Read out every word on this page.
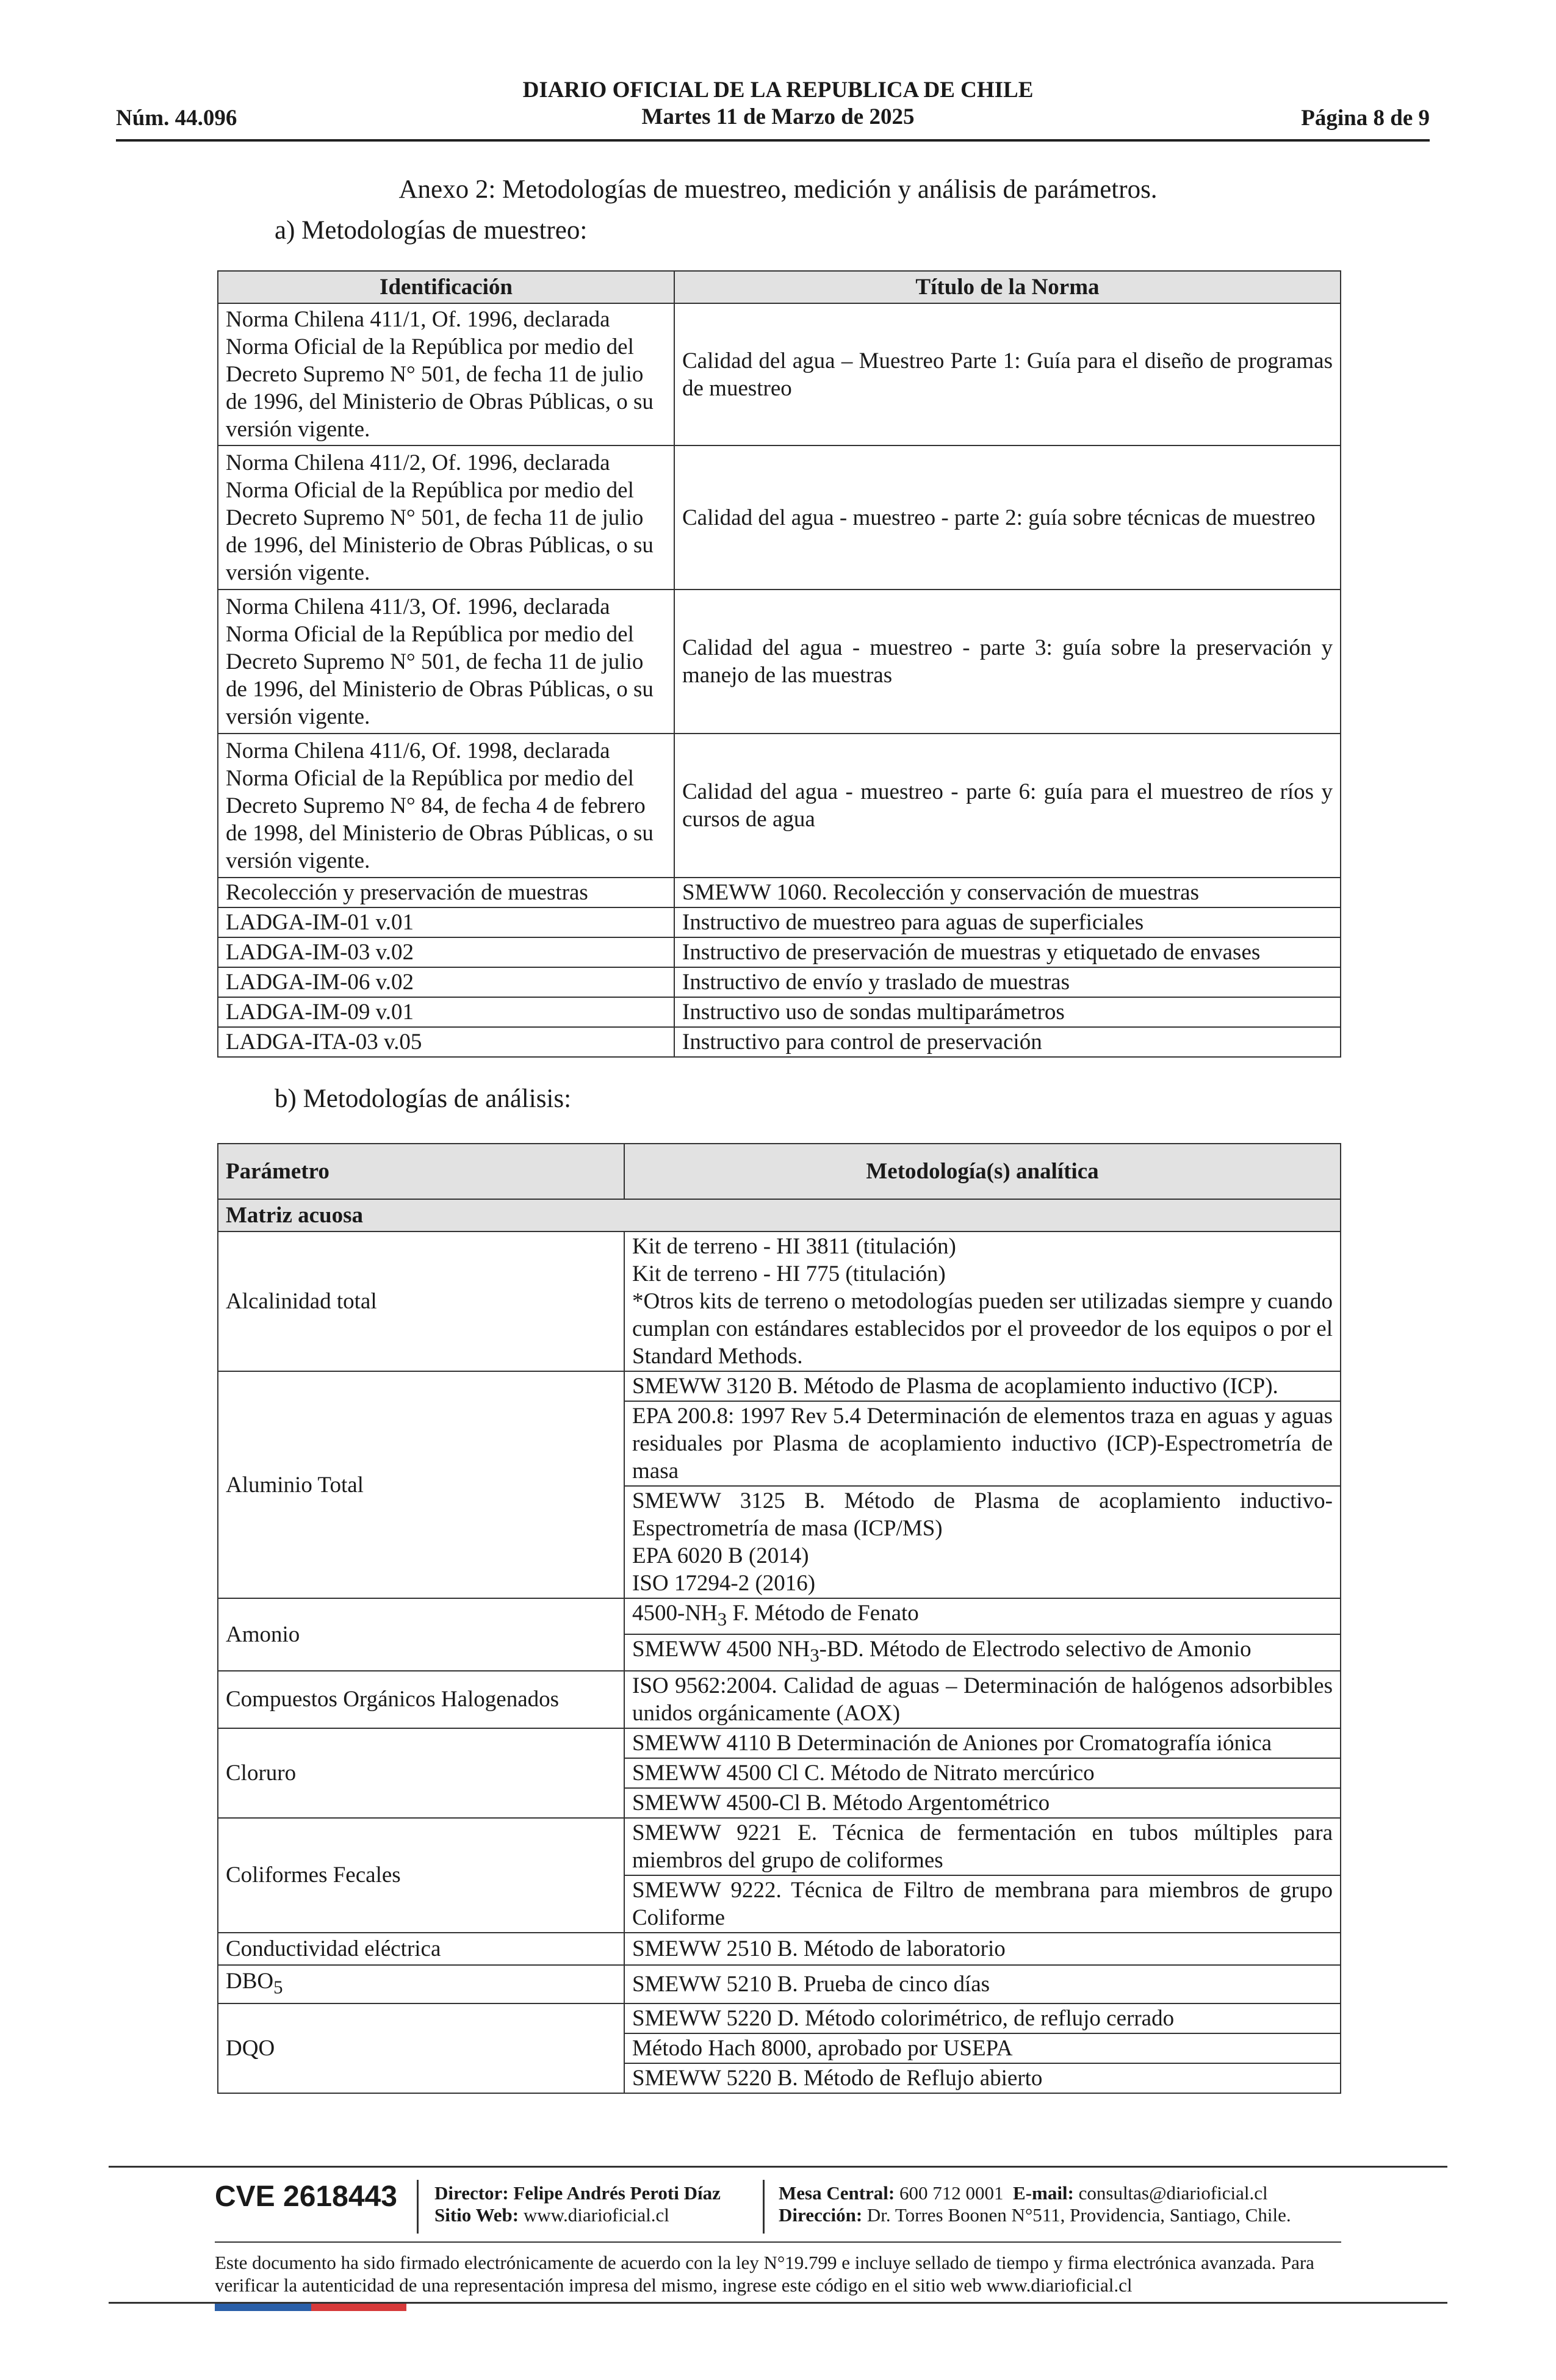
Núm. 44.096
DIARIO OFICIAL DE LA REPUBLICA DE CHILE
Martes 11 de Marzo de 2025	Página 8 de 9
Anexo 2: Metodologías de muestreo, medición y análisis de parámetros.
a) Metodologías de muestreo:
Identificación	Título de la Norma
Norma Chilena 411/1, Of. 1996, declarada Norma Oficial de la República por medio del Decreto Supremo N° 501, de fecha 11 de julio de 1996, del Ministerio de Obras Públicas, o su versión vigente.	Calidad del agua – Muestreo Parte 1: Guía para el diseño de programas de muestreo
Norma Chilena 411/2, Of. 1996, declarada Norma Oficial de la República por medio del Decreto Supremo N° 501, de fecha 11 de julio de 1996, del Ministerio de Obras Públicas, o su versión vigente.	Calidad del agua - muestreo - parte 2: guía sobre técnicas de muestreo
Norma Chilena 411/3, Of. 1996, declarada Norma Oficial de la República por medio del Decreto Supremo N° 501, de fecha 11 de julio de 1996, del Ministerio de Obras Públicas, o su versión vigente.	Calidad del agua - muestreo - parte 3: guía sobre la preservación y manejo de las muestras
Norma Chilena 411/6, Of. 1998, declarada Norma Oficial de la República por medio del Decreto Supremo N° 84, de fecha 4 de febrero de 1998, del Ministerio de Obras Públicas, o su versión vigente.	Calidad del agua - muestreo - parte 6: guía para el muestreo de ríos y cursos de agua
Recolección y preservación de muestras	SMEWW 1060. Recolección y conservación de muestras
LADGA-IM-01 v.01	Instructivo de muestreo para aguas de superficiales
LADGA-IM-03 v.02	Instructivo de preservación de muestras y etiquetado de envases
LADGA-IM-06 v.02	Instructivo de envío y traslado de muestras
LADGA-IM-09 v.01	Instructivo uso de sondas multiparámetros
LADGA-ITA-03 v.05	Instructivo para control de preservación
b) Metodologías de análisis:
Parámetro	Metodología(s) analítica
Matriz acuosa	
Alcalinidad total	Kit de terreno - HI 3811 (titulación)
Kit de terreno - HI 775 (titulación)
*Otros kits de terreno o metodologías pueden ser utilizadas siempre y cuando cumplan con estándares establecidos por el proveedor de los equipos o por el Standard Methods.

Aluminio Total	SMEWW 3120 B. Método de Plasma de acoplamiento inductivo (ICP).
	EPA 200.8: 1997 Rev 5.4 Determinación de elementos traza en aguas y aguas residuales por Plasma de acoplamiento inductivo (ICP)-Espectrometría de masa

	SMEWW 3125 B. Método de Plasma de acoplamiento inductivo-Espectrometría de masa (ICP/MS)
EPA 6020 B (2014)
ISO 17294-2 (2016)

Amonio	$4500-NH_3$ F. Método de Fenato
	SMEWW 4500 $NH_3-BD$. Método de Electrodo selectivo de Amonio
Compuestos Orgánicos Halogenados	ISO 9562:2004. Calidad de aguas – Determinación de halógenos adsorbibles unidos orgánicamente (AOX)
Cloruro	SMEWW 4110 B Determinación de Aniones por Cromatografía iónica
	SMEWW 4500 Cl C. Método de Nitrato mercúrico
	SMEWW 4500-Cl B. Método Argentométrico
Coliformes Fecales	SMEWW 9221 E. Técnica de fermentación en tubos múltiples para miembros del grupo de coliformes
	SMEWW 9222. Técnica de Filtro de membrana para miembros de grupo Coliforme
Conductividad eléctrica	SMEWW 2510 B. Método de laboratorio
$DBO_5$	SMEWW 5210 B. Prueba de cinco días
DQO	SMEWW 5220 D. Método colorimétrico, de reflujo cerrado
	Método Hach 8000, aprobado por USEPA
	SMEWW 5220 B. Método de Reflujo abierto
CVE 2618443 Director: Felipe Andrés Peroti Díaz
Sitio Web: www.diarioficial.cl
Mesa Central: 600 712 0001 E-mail: consultas@diarioficial.cl
Dirección: Dr. Torres Boonen N°511, Providencia, Santiago, Chile.
Este documento ha sido firmado electrónicamente de acuerdo con la ley N°19.799 e incluye sellado de tiempo y firma electrónica avanzada. Para verificar la autenticidad de una representación impresa del mismo, ingrese este código en el sitio web www.diarioficial.cl
